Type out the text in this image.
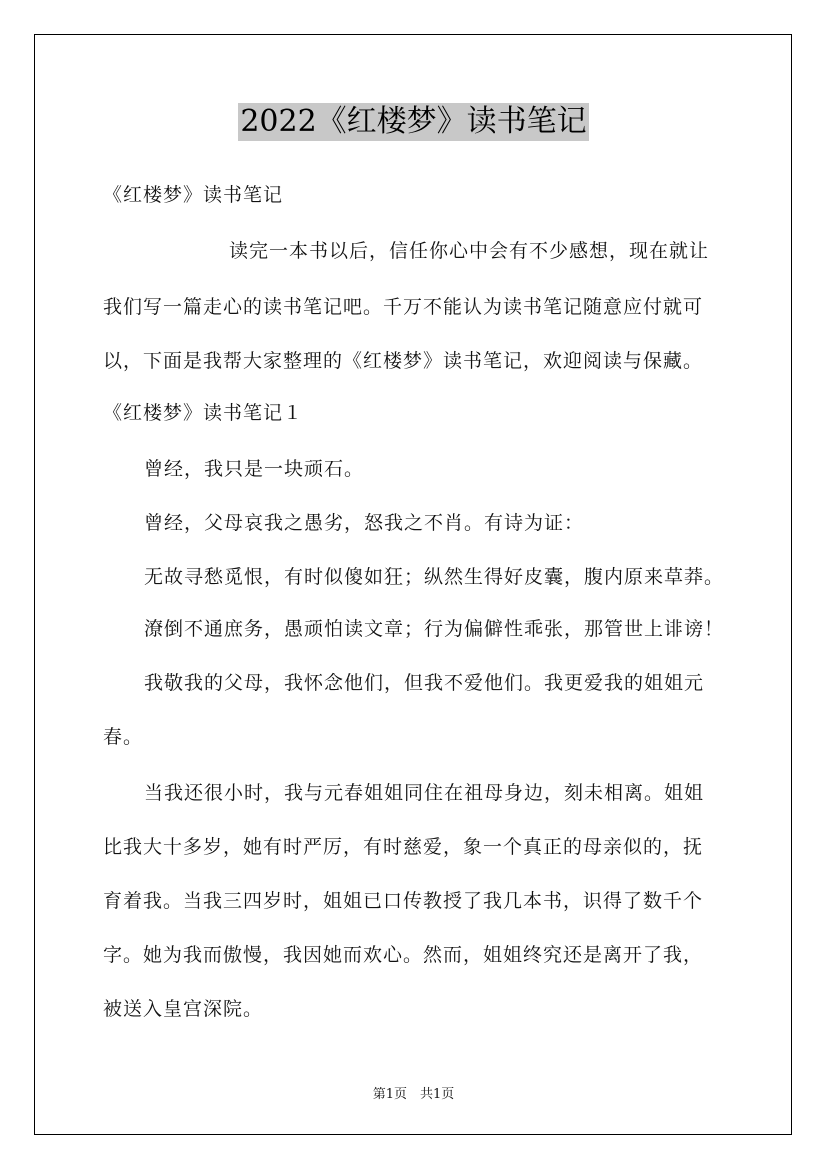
2022《红楼梦》读书笔记
《红楼梦》读书笔记
读完一本书以后，信任你心中会有不少感想，现在就让
我们写一篇走心的读书笔记吧。千万不能认为读书笔记随意应付就可
以，下面是我帮大家整理的《红楼梦》读书笔记，欢迎阅读与保藏。
《红楼梦》读书笔记１
曾经，我只是一块顽石。
曾经，父母哀我之愚劣，怒我之不肖。有诗为证：
无故寻愁觅恨，有时似傻如狂；纵然生得好皮囊，腹内原来草莽。
潦倒不通庶务，愚顽怕读文章；行为偏僻性乖张，那管世上诽谤！
我敬我的父母，我怀念他们，但我不爱他们。我更爱我的姐姐元
春。
当我还很小时，我与元春姐姐同住在祖母身边，刻未相离。姐姐
比我大十多岁，她有时严厉，有时慈爱，象一个真正的母亲似的，抚
育着我。当我三四岁时，姐姐已口传教授了我几本书，识得了数千个
字。她为我而傲慢，我因她而欢心。然而，姐姐终究还是离开了我，
被送入皇宫深院。
第1页　共1页
